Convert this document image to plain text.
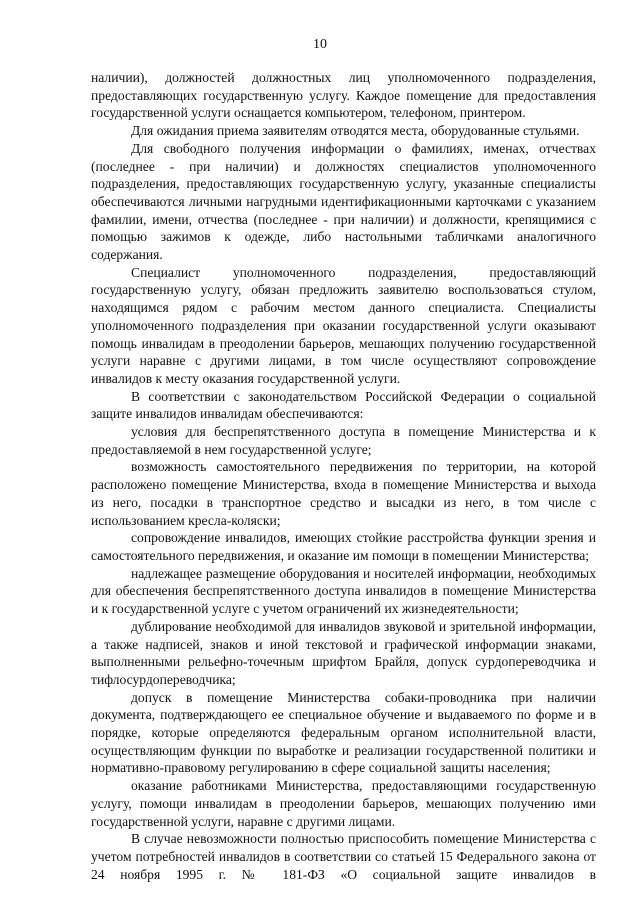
10

наличии), должностей должностных лиц уполномоченного подразделения, предоставляющих государственную услугу. Каждое помещение для предоставления государственной услуги оснащается компьютером, телефоном, принтером.

Для ожидания приема заявителям отводятся места, оборудованные стульями.

Для свободного получения информации о фамилиях, именах, отчествах (последнее - при наличии) и должностях специалистов уполномоченного подразделения, предоставляющих государственную услугу, указанные специалисты обеспечиваются личными нагрудными идентификационными карточками с указанием фамилии, имени, отчества (последнее - при наличии) и должности, крепящимися с помощью зажимов к одежде, либо настольными табличками аналогичного содержания.

Специалист уполномоченного подразделения, предоставляющий государственную услугу, обязан предложить заявителю воспользоваться стулом, находящимся рядом с рабочим местом данного специалиста. Специалисты уполномоченного подразделения при оказании государственной услуги оказывают помощь инвалидам в преодолении барьеров, мешающих получению государственной услуги наравне с другими лицами, в том числе осуществляют сопровождение инвалидов к месту оказания государственной услуги.

В соответствии с законодательством Российской Федерации о социальной защите инвалидов инвалидам обеспечиваются:

условия для беспрепятственного доступа в помещение Министерства и к предоставляемой в нем государственной услуге;

возможность самостоятельного передвижения по территории, на которой расположено помещение Министерства, входа в помещение Министерства и выхода из него, посадки в транспортное средство и высадки из него, в том числе с использованием кресла-коляски;

сопровождение инвалидов, имеющих стойкие расстройства функции зрения и самостоятельного передвижения, и оказание им помощи в помещении Министерства;

надлежащее размещение оборудования и носителей информации, необходимых для обеспечения беспрепятственного доступа инвалидов в помещение Министерства и к государственной услуге с учетом ограничений их жизнедеятельности;

дублирование необходимой для инвалидов звуковой и зрительной информации, а также надписей, знаков и иной текстовой и графической информации знаками, выполненными рельефно-точечным шрифтом Брайля, допуск сурдопереводчика и тифлосурдопереводчика;

допуск в помещение Министерства собаки-проводника при наличии документа, подтверждающего ее специальное обучение и выдаваемого по форме и в порядке, которые определяются федеральным органом исполнительной власти, осуществляющим функции по выработке и реализации государственной политики и нормативно-правовому регулированию в сфере социальной защиты населения;

оказание работниками Министерства, предоставляющими государственную услугу, помощи инвалидам в преодолении барьеров, мешающих получению ими государственной услуги, наравне с другими лицами.

В случае невозможности полностью приспособить помещение Министерства с учетом потребностей инвалидов в соответствии со статьей 15 Федерального закона от 24 ноября 1995 г. № 181-ФЗ «О социальной защите инвалидов в
